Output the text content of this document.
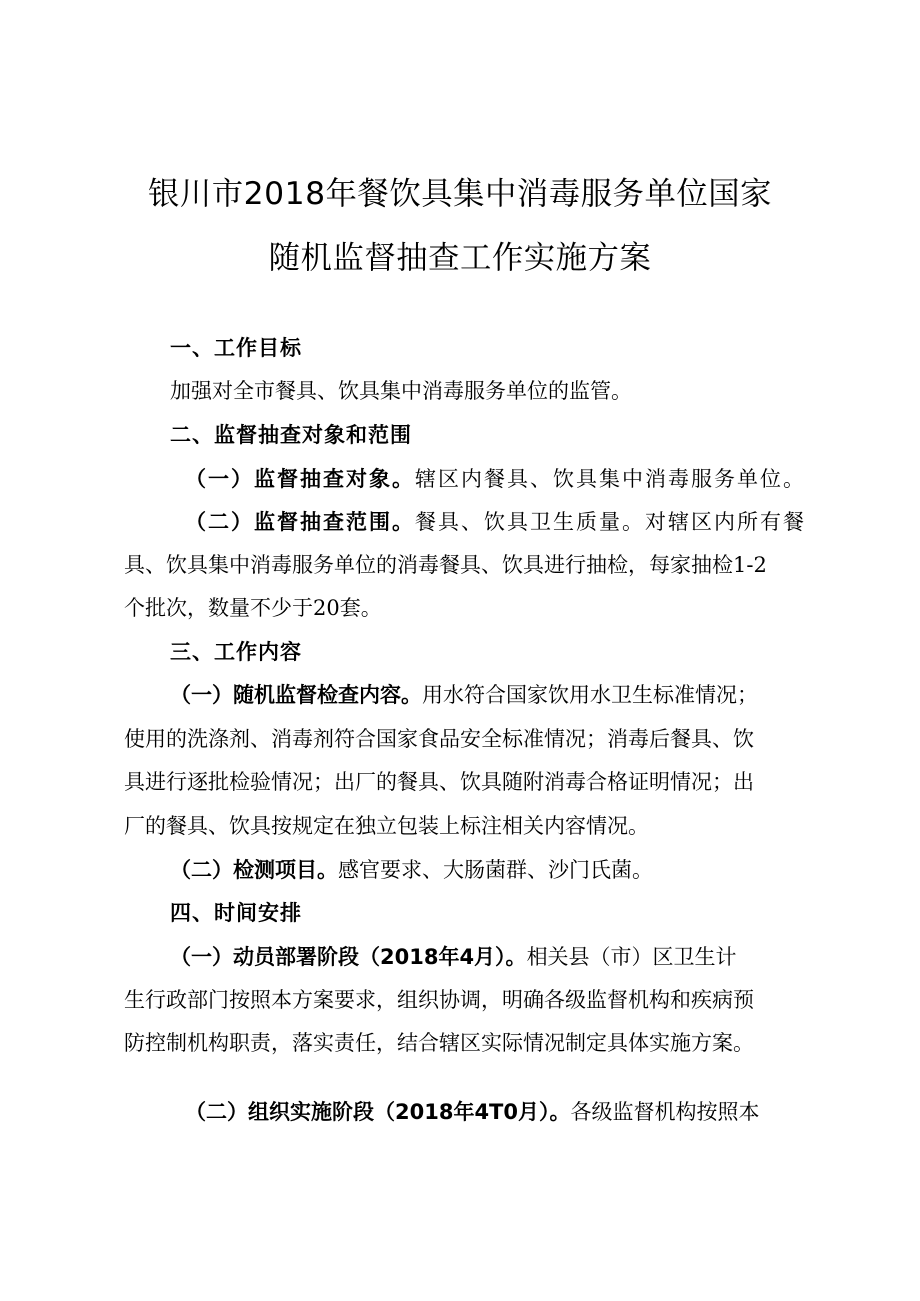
银川市2018年餐饮具集中消毒服务单位国家
随机监督抽查工作实施方案
一、工作目标
加强对全市餐具、饮具集中消毒服务单位的监管。
二、监督抽查对象和范围
（一）监督抽查对象。辖区内餐具、饮具集中消毒服务单位。
（二）监督抽查范围。餐具、饮具卫生质量。对辖区内所有餐
具、饮具集中消毒服务单位的消毒餐具、饮具进行抽检，每家抽检1-2
个批次，数量不少于20套。
三、工作内容
（一）随机监督检查内容。用水符合国家饮用水卫生标准情况；
使用的洗涤剂、消毒剂符合国家食品安全标准情况；消毒后餐具、饮
具进行逐批检验情况；出厂的餐具、饮具随附消毒合格证明情况；出
厂的餐具、饮具按规定在独立包装上标注相关内容情况。
（二）检测项目。感官要求、大肠菌群、沙门氏菌。
四、时间安排
（一）动员部署阶段（2018年4月）。相关县（市）区卫生计
生行政部门按照本方案要求，组织协调，明确各级监督机构和疾病预
防控制机构职责，落实责任，结合辖区实际情况制定具体实施方案。
（二）组织实施阶段（2018年4T0月）。各级监督机构按照本
